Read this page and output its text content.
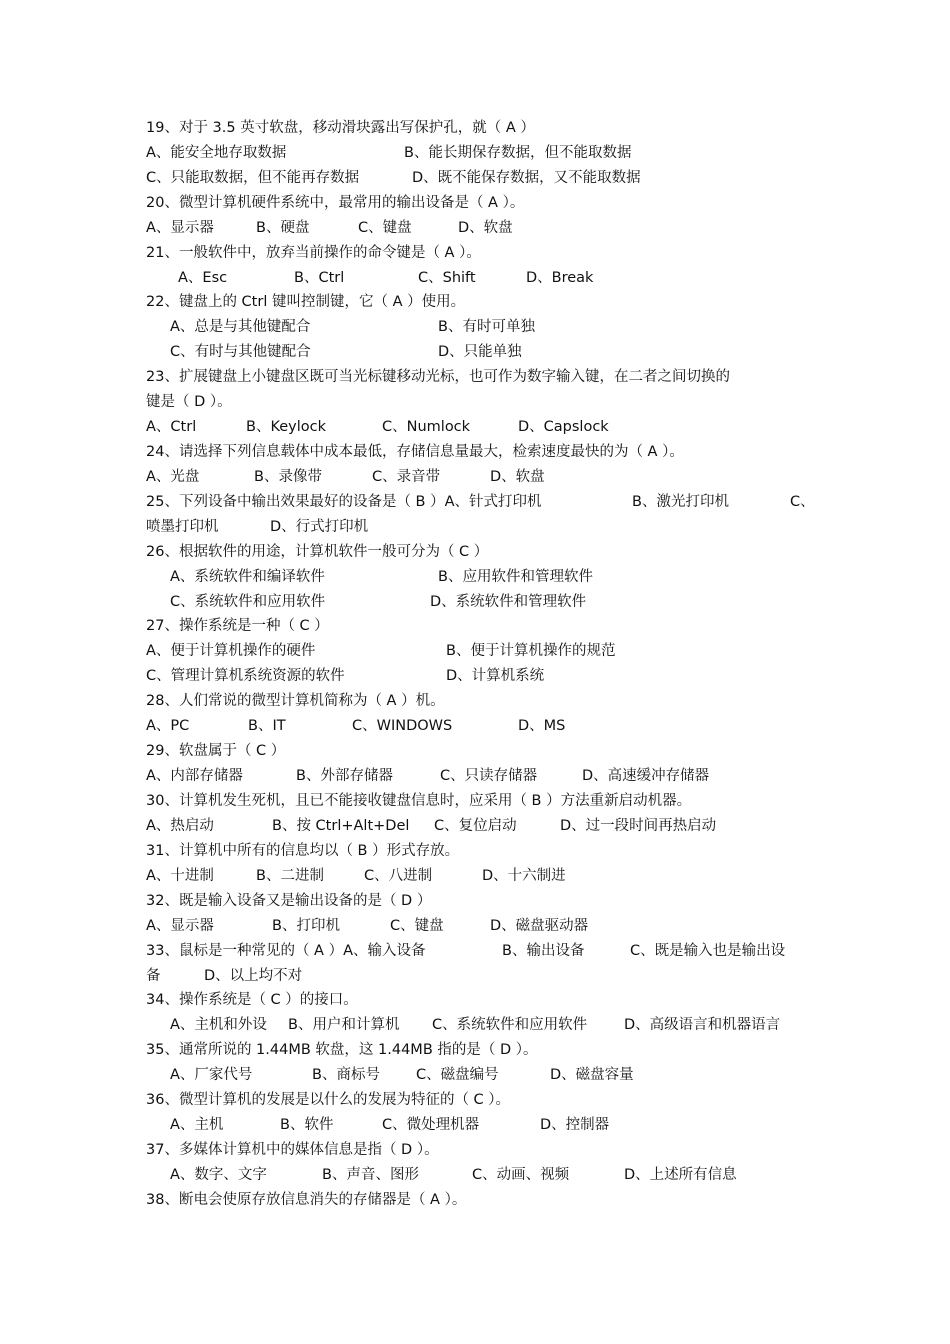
19、对于 3.5 英寸软盘，移动滑块露出写保护孔，就（ A ）
A、能安全地存取数据	B、能长期保存数据，但不能取数据
C、只能取数据，但不能再存数据	D、既不能保存数据，又不能取数据
20、微型计算机硬件系统中，最常用的输出设备是（ A ）。
A、显示器	B、硬盘	C、键盘	D、软盘
21、一般软件中，放弃当前操作的命令键是（ A ）。
A、Esc	B、Ctrl	C、Shift	D、Break
22、键盘上的 Ctrl 键叫控制键，它（ A ）使用。
A、总是与其他键配合	B、有时可单独
C、有时与其他键配合	D、只能单独
23、扩展键盘上小键盘区既可当光标键移动光标，也可作为数字输入键，在二者之间切换的
键是（ D ）。
A、Ctrl	B、Keylock	C、Numlock	D、Capslock
24、请选择下列信息载体中成本最低，存储信息量最大，检索速度最快的为（ A ）。
A、光盘	B、录像带	C、录音带	D、软盘
25、下列设备中输出效果最好的设备是（ B ）A、针式打印机	B、激光打印机	C、
喷墨打印机	D、行式打印机
26、根据软件的用途，计算机软件一般可分为（ C ）
A、系统软件和编译软件	B、应用软件和管理软件
C、系统软件和应用软件	D、系统软件和管理软件
27、操作系统是一种（ C ）
A、便于计算机操作的硬件	B、便于计算机操作的规范
C、管理计算机系统资源的软件	D、计算机系统
28、人们常说的微型计算机简称为（ A ）机。
A、PC	B、IT	C、WINDOWS	D、MS
29、软盘属于（ C ）
A、内部存储器	B、外部存储器	C、只读存储器	D、高速缓冲存储器
30、计算机发生死机，且已不能接收键盘信息时，应采用（ B ）方法重新启动机器。
A、热启动	B、按 Ctrl+Alt+Del C、复位启动	D、过一段时间再热启动
31、计算机中所有的信息均以（ B ）形式存放。
A、十进制	B、二进制	C、八进制	D、十六制进
32、既是输入设备又是输出设备的是（ D ）
A、显示器	B、打印机	C、键盘	D、磁盘驱动器
33、鼠标是一种常见的（ A ）A、输入设备	B、输出设备	C、既是输入也是输出设
备	D、以上均不对
34、操作系统是（ C ）的接口。
A、主机和外设 B、用户和计算机 C、系统软件和应用软件	D、高级语言和机器语言
35、通常所说的 1.44MB 软盘，这 1.44MB 指的是（ D ）。
A、厂家代号	B、商标号 C、磁盘编号	D、磁盘容量
36、微型计算机的发展是以什么的发展为特征的（ C ）。
A、主机	B、软件	C、微处理机器	D、控制器
37、多媒体计算机中的媒体信息是指（ D ）。
A、数字、文字	B、声音、图形	C、动画、视频	D、上述所有信息
38、断电会使原存放信息消失的存储器是（ A ）。
